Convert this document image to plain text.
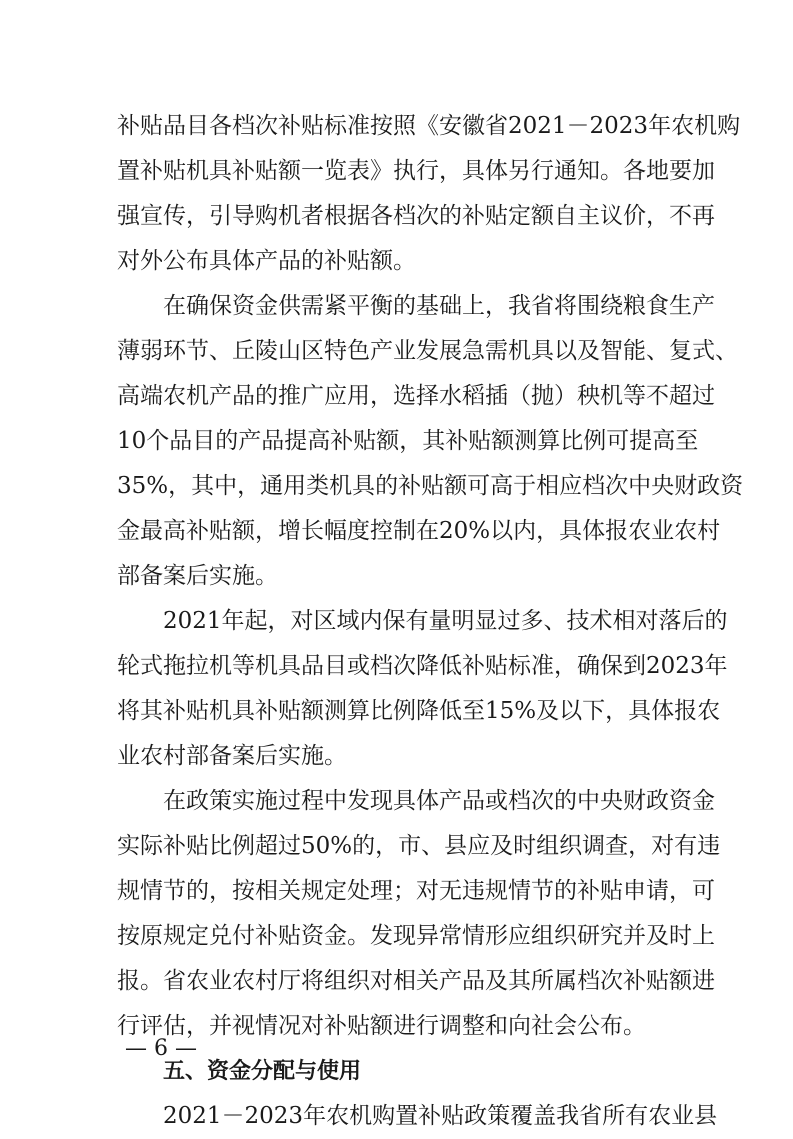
补贴品目各档次补贴标准按照《安徽省2021－2023年农机购
置补贴机具补贴额一览表》执行，具体另行通知。各地要加
强宣传，引导购机者根据各档次的补贴定额自主议价，不再
对外公布具体产品的补贴额。
在确保资金供需紧平衡的基础上，我省将围绕粮食生产
薄弱环节、丘陵山区特色产业发展急需机具以及智能、复式、
高端农机产品的推广应用，选择水稻插（抛）秧机等不超过
10个品目的产品提高补贴额，其补贴额测算比例可提高至
35%，其中，通用类机具的补贴额可高于相应档次中央财政资
金最高补贴额，增长幅度控制在20%以内，具体报农业农村
部备案后实施。
2021年起，对区域内保有量明显过多、技术相对落后的
轮式拖拉机等机具品目或档次降低补贴标准，确保到2023年
将其补贴机具补贴额测算比例降低至15%及以下，具体报农
业农村部备案后实施。
在政策实施过程中发现具体产品或档次的中央财政资金
实际补贴比例超过50%的，市、县应及时组织调查，对有违
规情节的，按相关规定处理；对无违规情节的补贴申请，可
按原规定兑付补贴资金。发现异常情形应组织研究并及时上
报。省农业农村厅将组织对相关产品及其所属档次补贴额进
行评估，并视情况对补贴额进行调整和向社会公布。
五、资金分配与使用
2021－2023年农机购置补贴政策覆盖我省所有农业县
— 6 —
